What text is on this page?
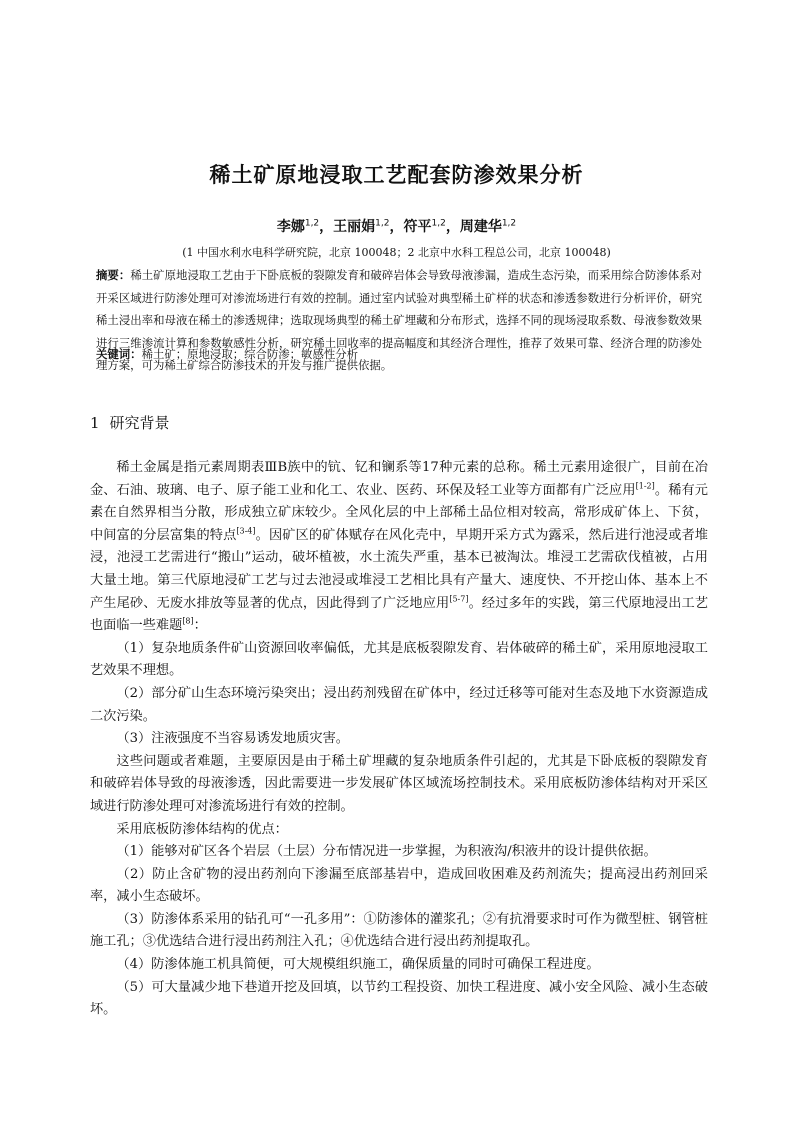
稀土矿原地浸取工艺配套防渗效果分析
李娜$^{1,2}$，王丽娟$^{1,2}$，符平$^{1,2}$，周建华$^{1,2}$
(1 中国水利水电科学研究院，北京 100048；2 北京中水科工程总公司，北京 100048)
摘要：稀土矿原地浸取工艺由于下卧底板的裂隙发育和破碎岩体会导致母液渗漏，造成生态污染，而采用综合防渗体系对开采区域进行防渗处理可对渗流场进行有效的控制。通过室内试验对典型稀土矿样的状态和渗透参数进行分析评价，研究稀土浸出率和母液在稀土的渗透规律；选取现场典型的稀土矿埋藏和分布形式，选择不同的现场浸取系数、母液参数效果进行三维渗流计算和参数敏感性分析，研究稀土回收率的提高幅度和其经济合理性，推荐了效果可靠、经济合理的防渗处理方案，可为稀土矿综合防渗技术的开发与推广提供依据。
关键词：稀土矿；原地浸取；综合防渗；敏感性分析
1 研究背景

稀土金属是指元素周期表ⅢB族中的钪、钇和镧系等17种元素的总称。稀土元素用途很广，目前在冶金、石油、玻璃、电子、原子能工业和化工、农业、医药、环保及轻工业等方面都有广泛应用[1-2]。稀有元素在自然界相当分散，形成独立矿床较少。全风化层的中上部稀土品位相对较高，常形成矿体上、下贫，中间富的分层富集的特点[3-4]。因矿区的矿体赋存在风化壳中，早期开采方式为露采，然后进行池浸或者堆浸，池浸工艺需进行“搬山”运动，破坏植被，水土流失严重，基本已被淘汰。堆浸工艺需砍伐植被，占用大量土地。第三代原地浸矿工艺与过去池浸或堆浸工艺相比具有产量大、速度快、不开挖山体、基本上不产生尾砂、无废水排放等显著的优点，因此得到了广泛地应用[5-7]。经过多年的实践，第三代原地浸出工艺也面临一些难题[8]：

（1）复杂地质条件矿山资源回收率偏低，尤其是底板裂隙发育、岩体破碎的稀土矿，采用原地浸取工艺效果不理想。

（2）部分矿山生态环境污染突出；浸出药剂残留在矿体中，经过迁移等可能对生态及地下水资源造成二次污染。

（3）注液强度不当容易诱发地质灾害。

这些问题或者难题，主要原因是由于稀土矿埋藏的复杂地质条件引起的，尤其是下卧底板的裂隙发育和破碎岩体导致的母液渗透，因此需要进一步发展矿体区域流场控制技术。采用底板防渗体结构对开采区域进行防渗处理可对渗流场进行有效的控制。

采用底板防渗体结构的优点：

（1）能够对矿区各个岩层（土层）分布情况进一步掌握，为积液沟/积液井的设计提供依据。

（2）防止含矿物的浸出药剂向下渗漏至底部基岩中，造成回收困难及药剂流失；提高浸出药剂回采率，减小生态破坏。

（3）防渗体系采用的钻孔可“一孔多用”：①防渗体的灌浆孔；②有抗滑要求时可作为微型桩、钢管桩施工孔；③优选结合进行浸出药剂注入孔；④优选结合进行浸出药剂提取孔。

（4）防渗体施工机具简便，可大规模组织施工，确保质量的同时可确保工程进度。

（5）可大量减少地下巷道开挖及回填，以节约工程投资、加快工程进度、减小安全风险、减小生态破坏。
